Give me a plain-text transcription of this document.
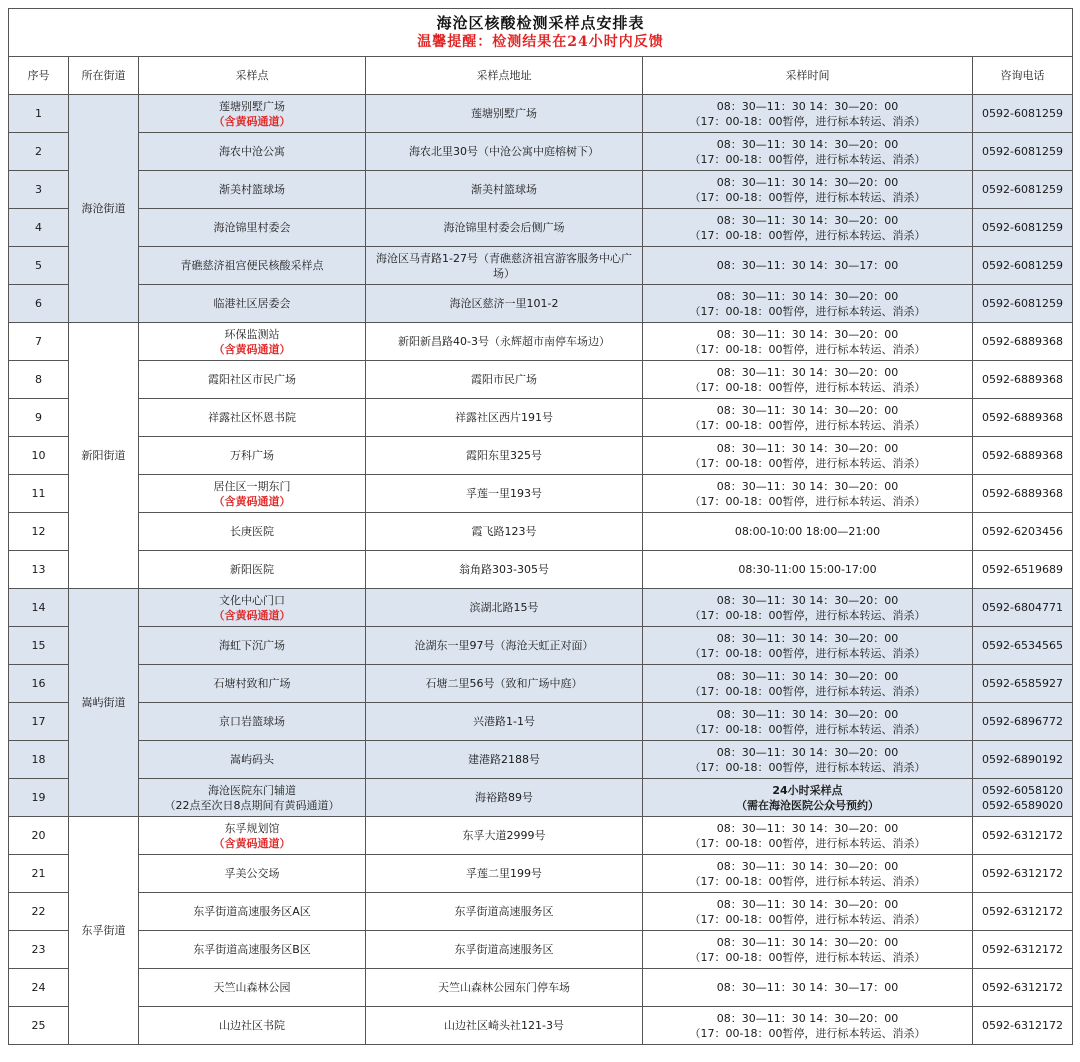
海沧区核酸检测采样点安排表
温馨提醒：检测结果在24小时内反馈					

序号	所在街道	采样点	采样点地址	采样时间	咨询电话
1	海沧街道	莲塘别墅广场
（含黄码通道）	莲塘别墅广场	08：30—11：30 14：30—20：00
（17：00-18：00暂停，进行标本转运、消杀）	0592-6081259

2		海农中沧公寓	海农北里30号（中沧公寓中庭榕树下）	08：30—11：30 14：30—20：00
（17：00-18：00暂停，进行标本转运、消杀）	0592-6081259

3		渐美村篮球场	渐美村篮球场	08：30—11：30 14：30—20：00
（17：00-18：00暂停，进行标本转运、消杀）	0592-6081259

4		海沧锦里村委会	海沧锦里村委会后侧广场	08：30—11：30 14：30—20：00
（17：00-18：00暂停，进行标本转运、消杀）	0592-6081259

5		青礁慈济祖宫便民核酸采样点	海沧区马青路1-27号（青礁慈济祖宫游客服务中心广场）	08：30—11：30 14：30—17：00	0592-6081259

6		临港社区居委会	海沧区慈济一里101-2	08：30—11：30 14：30—20：00
（17：00-18：00暂停，进行标本转运、消杀）	0592-6081259

7	新阳街道	环保监测站
（含黄码通道）	新阳新昌路40-3号（永辉超市南停车场边）	08：30—11：30 14：30—20：00
（17：00-18：00暂停，进行标本转运、消杀）	0592-6889368

8		霞阳社区市民广场	霞阳市民广场	08：30—11：30 14：30—20：00
（17：00-18：00暂停，进行标本转运、消杀）	0592-6889368

9		祥露社区怀恩书院	祥露社区西片191号	08：30—11：30 14：30—20：00
（17：00-18：00暂停，进行标本转运、消杀）	0592-6889368

10		万科广场	霞阳东里325号	08：30—11：30 14：30—20：00
（17：00-18：00暂停，进行标本转运、消杀）	0592-6889368

11		居住区一期东门
（含黄码通道）	孚莲一里193号	08：30—11：30 14：30—20：00
（17：00-18：00暂停，进行标本转运、消杀）	0592-6889368

12		长庚医院	霞飞路123号	08:00-10:00 18:00—21:00	0592-6203456

13		新阳医院	翁角路303-305号	08:30-11:00 15:00-17:00	0592-6519689

14	嵩屿街道	文化中心门口
（含黄码通道）	滨湖北路15号	08：30—11：30 14：30—20：00
（17：00-18：00暂停，进行标本转运、消杀）	0592-6804771

15		海虹下沉广场	沧湖东一里97号（海沧天虹正对面）	08：30—11：30 14：30—20：00
（17：00-18：00暂停，进行标本转运、消杀）	0592-6534565

16		石塘村致和广场	石塘二里56号（致和广场中庭）	08：30—11：30 14：30—20：00
（17：00-18：00暂停，进行标本转运、消杀）	0592-6585927

17		京口岩篮球场	兴港路1-1号	08：30—11：30 14：30—20：00
（17：00-18：00暂停，进行标本转运、消杀）	0592-6896772

18		嵩屿码头	建港路2188号	08：30—11：30 14：30—20：00
（17：00-18：00暂停，进行标本转运、消杀）	0592-6890192

19		海沧医院东门辅道
（22点至次日8点期间有黄码通道）	海裕路89号	24小时采样点
（需在海沧医院公众号预约）	0592-6058120
0592-6589020

20	东孚街道	东孚规划馆
（含黄码通道）	东孚大道2999号	08：30—11：30 14：30—20：00
（17：00-18：00暂停，进行标本转运、消杀）	0592-6312172

21		孚美公交场	孚莲二里199号	08：30—11：30 14：30—20：00
（17：00-18：00暂停，进行标本转运、消杀）	0592-6312172

22		东孚街道高速服务区A区	东孚街道高速服务区	08：30—11：30 14：30—20：00
（17：00-18：00暂停，进行标本转运、消杀）	0592-6312172

23		东孚街道高速服务区B区	东孚街道高速服务区	08：30—11：30 14：30—20：00
（17：00-18：00暂停，进行标本转运、消杀）	0592-6312172

24		天竺山森林公园	天竺山森林公园东门停车场	08：30—11：30 14：30—17：00	0592-6312172

25		山边社区书院	山边社区崎头社121-3号	08：30—11：30 14：30—20：00
（17：00-18：00暂停，进行标本转运、消杀）	0592-6312172
